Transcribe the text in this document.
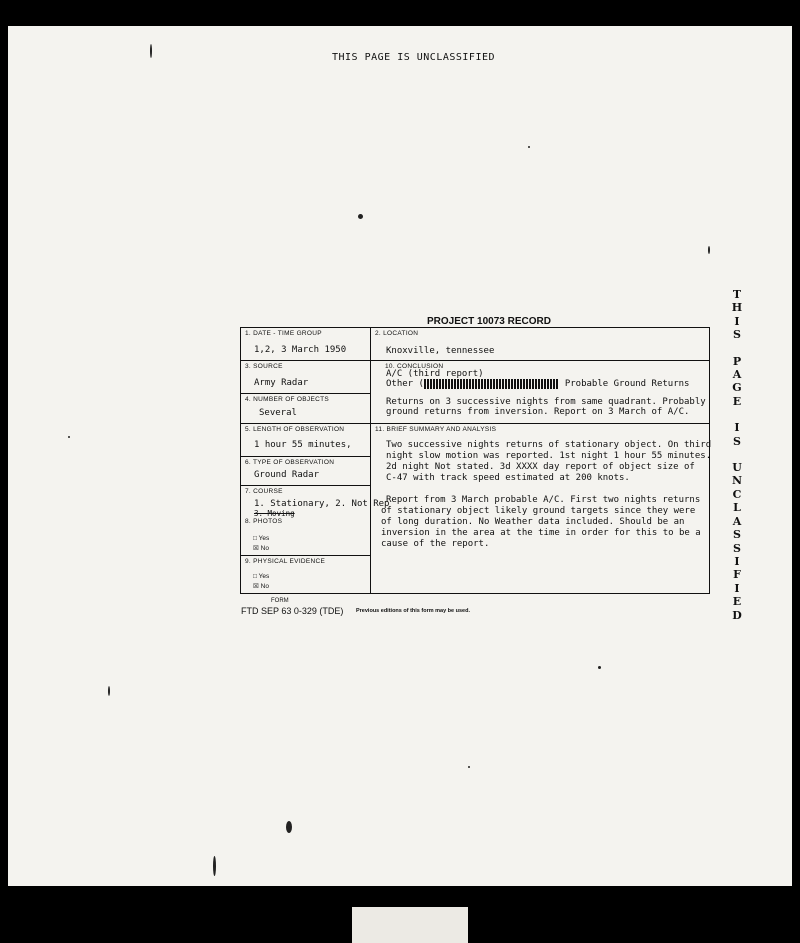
THIS PAGE IS UNCLASSIFIED
T
H
I
S
P
A
G
E
I
S
U
N
C
L
A
S
S
I
F
I
E
D
PROJECT 10073 RECORD
1. DATE - TIME GROUP
1,2, 3 March 1950
3. SOURCE
Army Radar
4. NUMBER OF OBJECTS
Several
5. LENGTH OF OBSERVATION
1 hour 55 minutes,
6. TYPE OF OBSERVATION
Ground Radar
7. COURSE
1. Stationary, 2. Not Rep
3. Moving
8. PHOTOS
□ Yes
☒ No
9. PHYSICAL EVIDENCE
□ Yes
☒ No
2. LOCATION
Knoxville, tennessee
10. CONCLUSION
A/C (third report)
Other (	Probable Ground Returns
Returns on 3 successive nights from same quadrant. Probably
ground returns from inversion. Report on 3 March of A/C.
11. BRIEF SUMMARY AND ANALYSIS
Two successive nights returns of stationary object. On third
night slow motion was reported. 1st night 1 hour 55 minutes.
2d night Not stated. 3d XXXX day report of object size of
C-47 with track speed estimated at 200 knots.
Report from 3 March probable A/C. First two nights returns
of stationary object likely ground targets since they were
of long duration. No Weather data included. Should be an
inversion in the area at the time in order for this to be a
cause of the report.
FORM
FTD SEP 63 0-329 (TDE) Previous editions of this form may be used.
